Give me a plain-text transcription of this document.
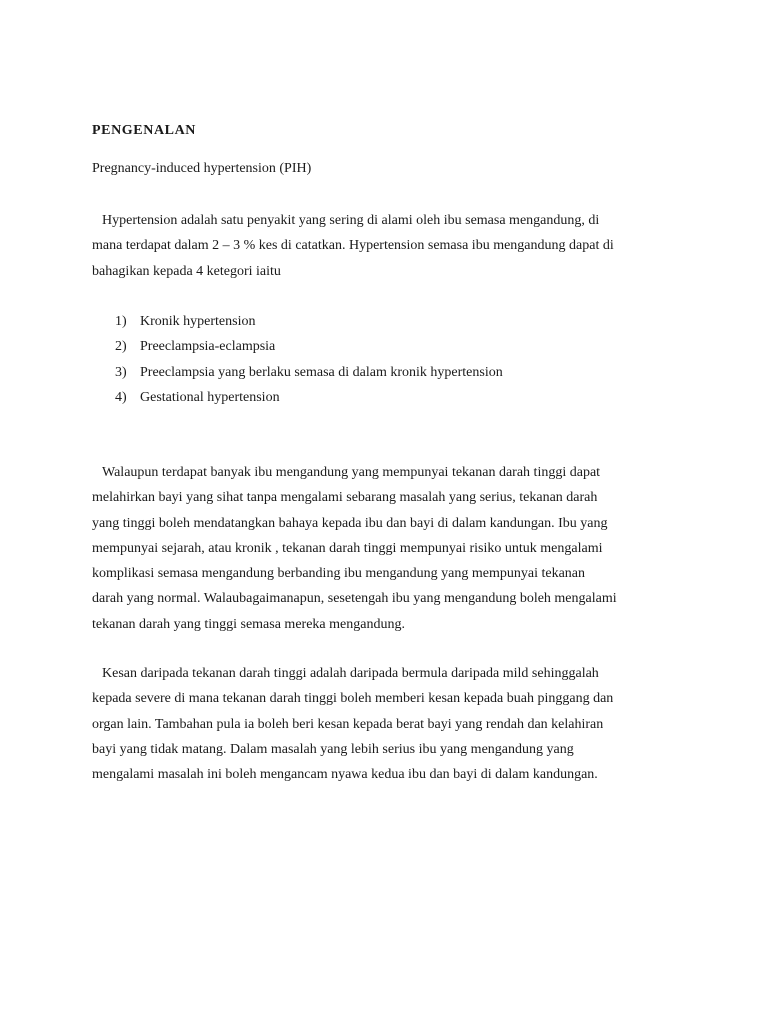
PENGENALAN

Pregnancy-induced hypertension (PIH)

Hypertension adalah satu penyakit yang sering di alami oleh ibu semasa mengandung, di
mana terdapat dalam 2 – 3 % kes di catatkan. Hypertension semasa ibu mengandung dapat di
bahagikan kepada 4 ketegori iaitu

1) Kronik hypertension
2) Preeclampsia-eclampsia
3) Preeclampsia yang berlaku semasa di dalam kronik hypertension
4) Gestational hypertension

Walaupun terdapat banyak ibu mengandung yang mempunyai tekanan darah tinggi dapat
melahirkan bayi yang sihat tanpa mengalami sebarang masalah yang serius, tekanan darah
yang tinggi boleh mendatangkan bahaya kepada ibu dan bayi di dalam kandungan. Ibu yang
mempunyai sejarah, atau kronik , tekanan darah tinggi mempunyai risiko untuk mengalami
komplikasi semasa mengandung berbanding ibu mengandung yang mempunyai tekanan
darah yang normal. Walaubagaimanapun, sesetengah ibu yang mengandung boleh mengalami
tekanan darah yang tinggi semasa mereka mengandung.

Kesan daripada tekanan darah tinggi adalah daripada bermula daripada mild sehinggalah
kepada severe di mana tekanan darah tinggi boleh memberi kesan kepada buah pinggang dan
organ lain. Tambahan pula ia boleh beri kesan kepada berat bayi yang rendah dan kelahiran
bayi yang tidak matang. Dalam masalah yang lebih serius ibu yang mengandung yang
mengalami masalah ini boleh mengancam nyawa kedua ibu dan bayi di dalam kandungan.
